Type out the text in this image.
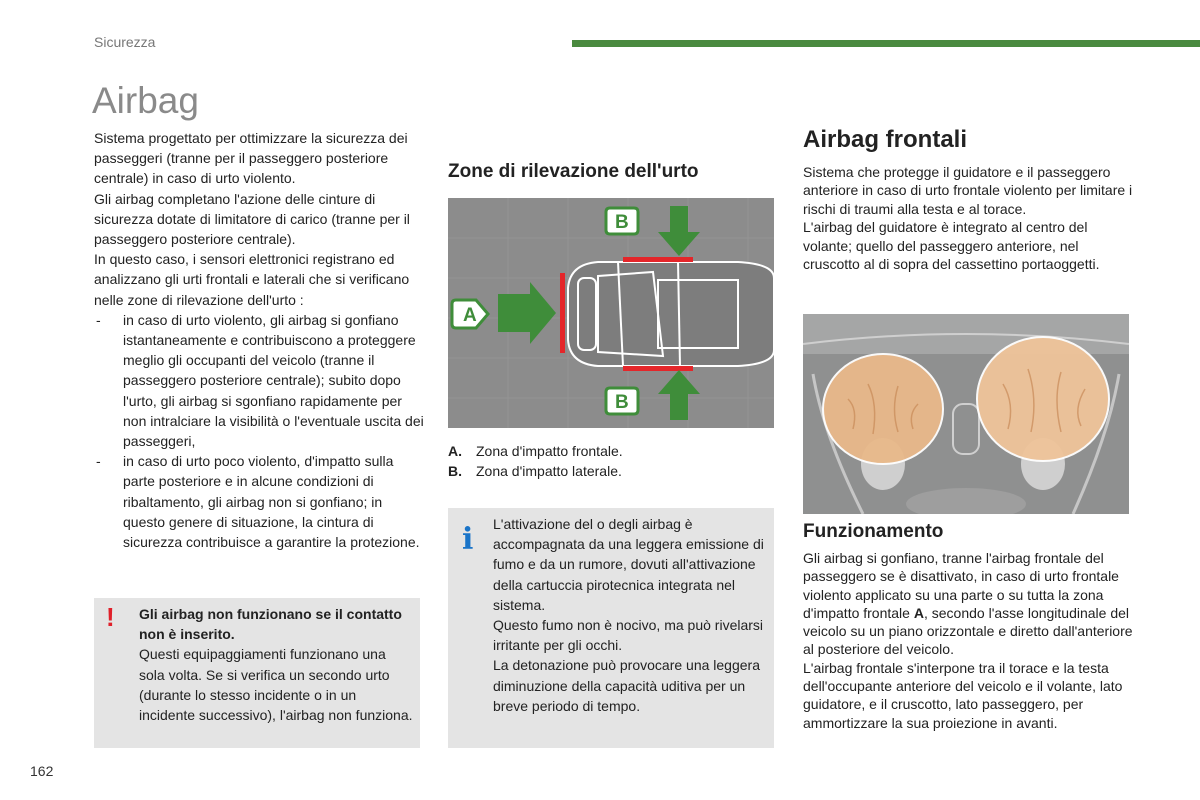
Sicurezza
Airbag

Sistema progettato per ottimizzare la sicurezza dei passeggeri (tranne per il passeggero posteriore centrale) in caso di urto violento.

Gli airbag completano l'azione delle cinture di sicurezza dotate di limitatore di carico (tranne per il passeggero posteriore centrale).

In questo caso, i sensori elettronici registrano ed analizzano gli urti frontali e laterali che si verificano nelle zone di rilevazione dell'urto :

- in caso di urto violento, gli airbag si gonfiano istantaneamente e contribuiscono a proteggere meglio gli occupanti del veicolo (tranne il passeggero posteriore centrale); subito dopo l'urto, gli airbag si sgonfiano rapidamente per non intralciare la visibilità o l'eventuale uscita dei passeggeri,
- in caso di urto poco violento, d'impatto sulla parte posteriore e in alcune condizioni di ribaltamento, gli airbag non si gonfiano; in questo genere di situazione, la cintura di sicurezza contribuisce a garantire la protezione.
! Gli airbag non funzionano se il contatto non è inserito.
Questi equipaggiamenti funzionano una sola volta. Se si verifica un secondo urto (durante lo stesso incidente o in un incidente successivo), l'airbag non funziona.
Zone di rilevazione dell'urto
A
B
B
A. Zona d'impatto frontale.
B. Zona d'impatto laterale.
i L'attivazione del o degli airbag è accompagnata da una leggera emissione di fumo e da un rumore, dovuti all'attivazione della cartuccia pirotecnica integrata nel sistema.
Questo fumo non è nocivo, ma può rivelarsi irritante per gli occhi.
La detonazione può provocare una leggera diminuzione della capacità uditiva per un breve periodo di tempo.
Airbag frontali
Sistema che protegge il guidatore e il passeggero anteriore in caso di urto frontale violento per limitare i rischi di traumi alla testa e al torace.
L'airbag del guidatore è integrato al centro del volante; quello del passeggero anteriore, nel cruscotto al di sopra del cassettino portaoggetti.
Funzionamento
Gli airbag si gonfiano, tranne l'airbag frontale del passeggero se è disattivato, in caso di urto frontale violento applicato su una parte o su tutta la zona d'impatto frontale A, secondo l'asse longitudinale del veicolo su un piano orizzontale e diretto dall'anteriore al posteriore del veicolo.
L'airbag frontale s'interpone tra il torace e la testa dell'occupante anteriore del veicolo e il volante, lato guidatore, e il cruscotto, lato passeggero, per ammortizzare la sua proiezione in avanti.
162
